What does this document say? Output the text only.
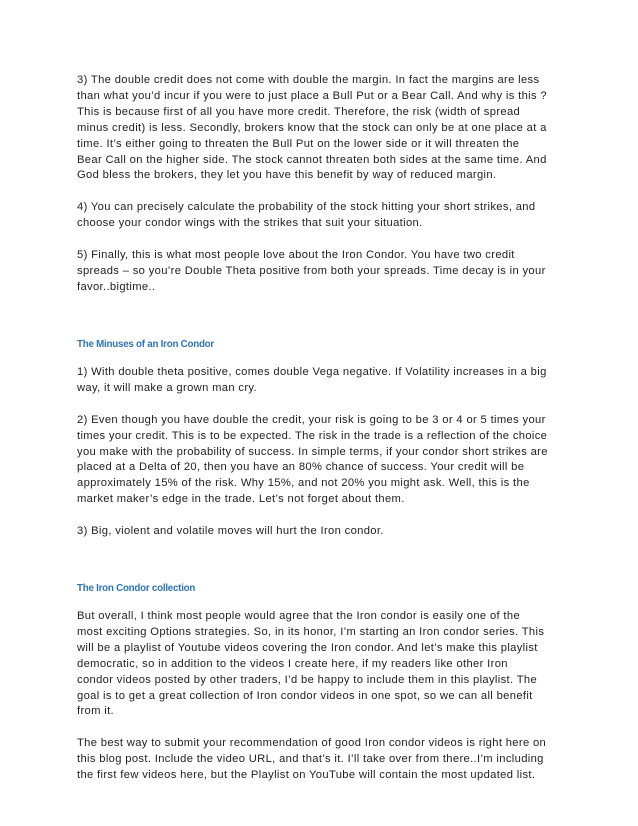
3) The double credit does not come with double the margin. In fact the margins are less
than what you’d incur if you were to just place a Bull Put or a Bear Call. And why is this ?
This is because first of all you have more credit. Therefore, the risk (width of spread
minus credit) is less. Secondly, brokers know that the stock can only be at one place at a
time. It’s either going to threaten the Bull Put on the lower side or it will threaten the
Bear Call on the higher side. The stock cannot threaten both sides at the same time. And
God bless the brokers, they let you have this benefit by way of reduced margin.

4) You can precisely calculate the probability of the stock hitting your short strikes, and
choose your condor wings with the strikes that suit your situation.

5) Finally, this is what most people love about the Iron Condor. You have two credit
spreads – so you’re Double Theta positive from both your spreads. Time decay is in your
favor..bigtime..

The Minuses of an Iron Condor

1) With double theta positive, comes double Vega negative. If Volatility increases in a big
way, it will make a grown man cry.

2) Even though you have double the credit, your risk is going to be 3 or 4 or 5 times your
times your credit. This is to be expected. The risk in the trade is a reflection of the choice
you make with the probability of success. In simple terms, if your condor short strikes are
placed at a Delta of 20, then you have an 80% chance of success. Your credit will be
approximately 15% of the risk. Why 15%, and not 20% you might ask. Well, this is the
market maker’s edge in the trade. Let’s not forget about them.

3) Big, violent and volatile moves will hurt the Iron condor.

The Iron Condor collection

But overall, I think most people would agree that the Iron condor is easily one of the
most exciting Options strategies. So, in its honor, I’m starting an Iron condor series. This
will be a playlist of Youtube videos covering the Iron condor. And let’s make this playlist
democratic, so in addition to the videos I create here, if my readers like other Iron
condor videos posted by other traders, I’d be happy to include them in this playlist. The
goal is to get a great collection of Iron condor videos in one spot, so we can all benefit
from it.

The best way to submit your recommendation of good Iron condor videos is right here on
this blog post. Include the video URL, and that’s it. I’ll take over from there..I’m including
the first few videos here, but the Playlist on YouTube will contain the most updated list.
